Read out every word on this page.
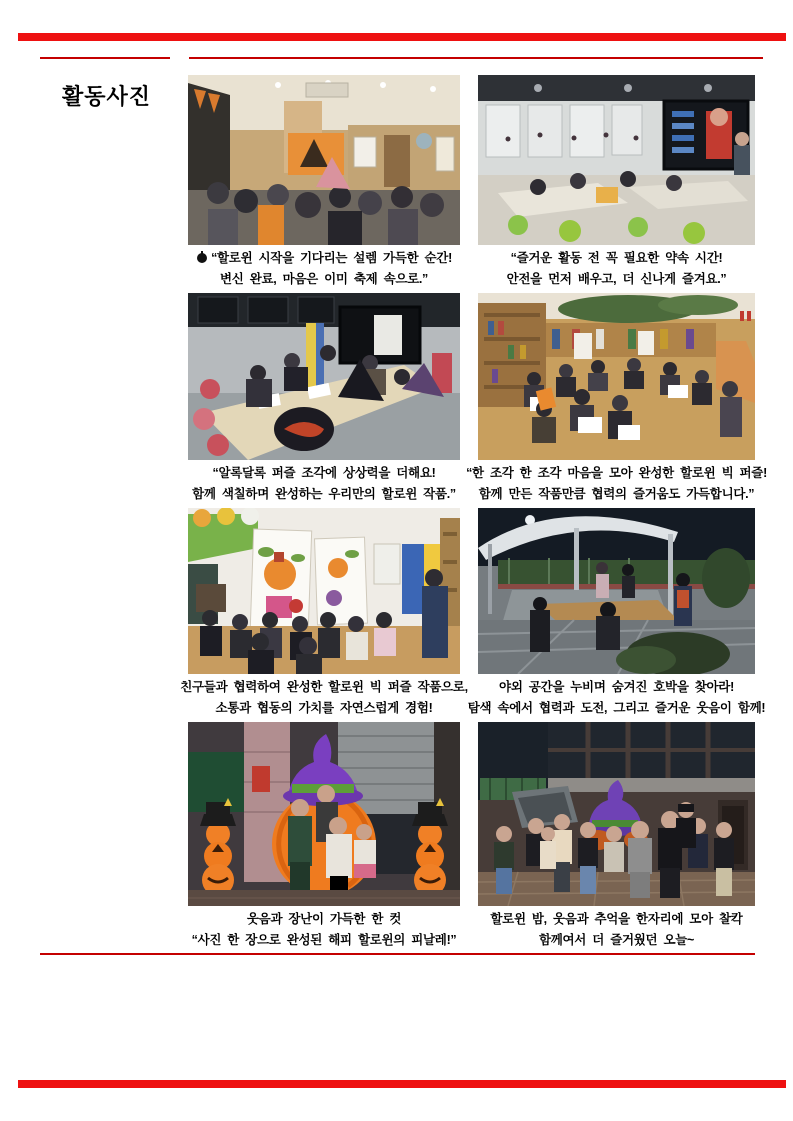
활동사진
“할로윈 시작을 기다리는 설렘 가득한 순간!
변신 완료, 마음은 이미 축제 속으로.”
“즐거운 활동 전 꼭 필요한 약속 시간!
안전을 먼저 배우고, 더 신나게 즐겨요.”
“알록달록 퍼즐 조각에 상상력을 더해요!
함께 색칠하며 완성하는 우리만의 할로윈 작품.”
“한 조각 한 조각 마음을 모아 완성한 할로윈 빅 퍼즐!
함께 만든 작품만큼 협력의 즐거움도 가득합니다.”
친구들과 협력하여 완성한 할로윈 빅 퍼즐 작품으로,
소통과 협동의 가치를 자연스럽게 경험!
야외 공간을 누비며 숨겨진 호박을 찾아라!
탐색 속에서 협력과 도전, 그리고 즐거운 웃음이 함께!
웃음과 장난이 가득한 한 컷
“사진 한 장으로 완성된 해피 할로윈의 피날레!”
할로윈 밤, 웃음과 추억을 한자리에 모아 찰칵
함께여서 더 즐거웠던 오늘~
